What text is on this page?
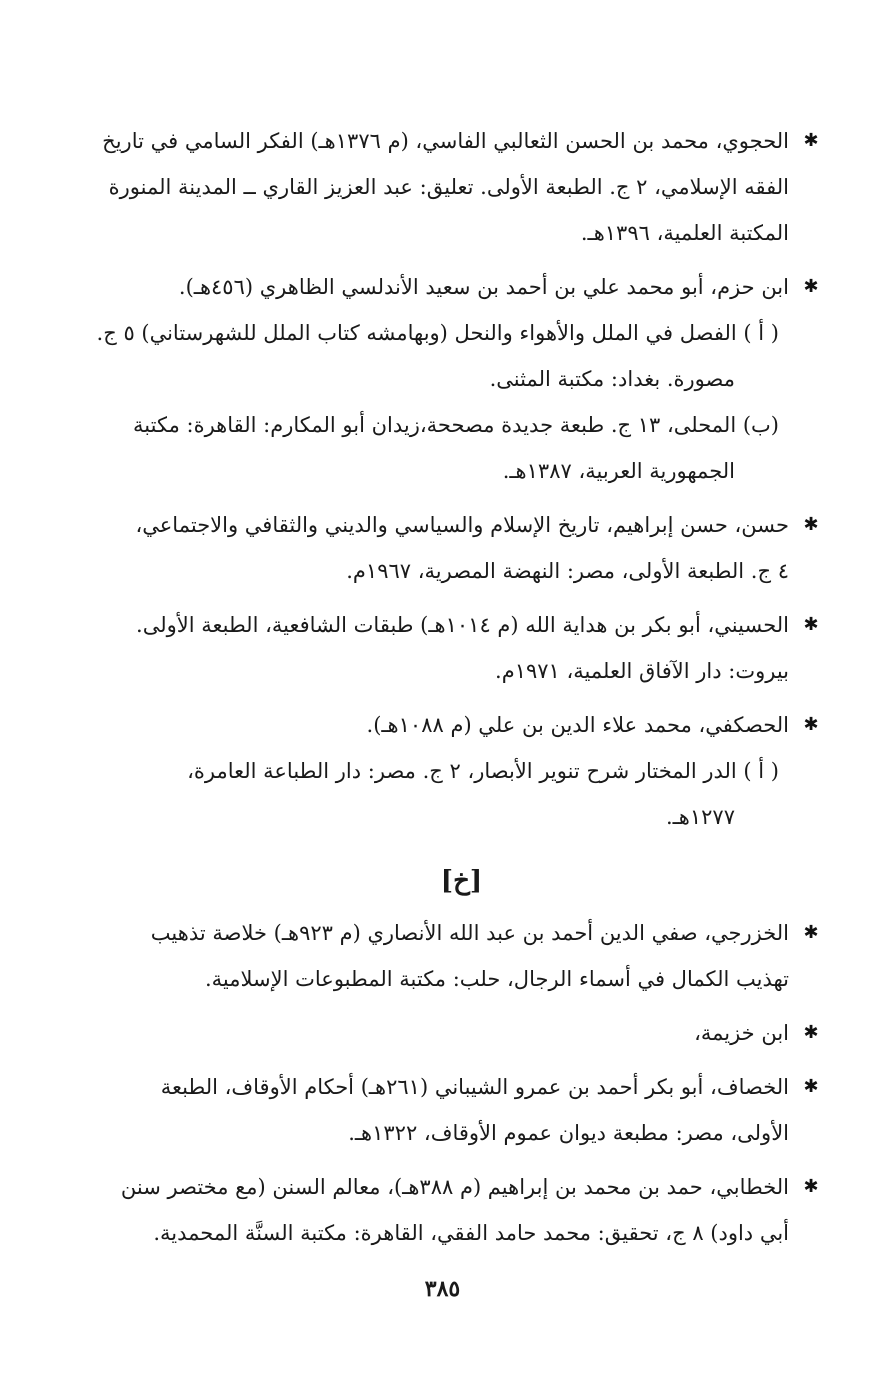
✱
الحجوي، محمد بن الحسن الثعالبي الفاسي، (م ١٣٧٦هـ) الفكر السامي في تاريخ
الفقه الإسلامي، ٢ ج. الطبعة الأولى. تعليق: عبد العزيز القاري ــ المدينة المنورة
المكتبة العلمية، ١٣٩٦هـ.
✱
ابن حزم، أبو محمد علي بن أحمد بن سعيد الأندلسي الظاهري (٤٥٦هـ).
( أ ) الفصل في الملل والأهواء والنحل (وبهامشه كتاب الملل للشهرستاني) ٥ ج.
مصورة. بغداد: مكتبة المثنى.
(ب) المحلى، ١٣ ج. طبعة جديدة مصححة،زيدان أبو المكارم: القاهرة: مكتبة
الجمهورية العربية، ١٣٨٧هـ.
✱
حسن، حسن إبراهيم، تاريخ الإسلام والسياسي والديني والثقافي والاجتماعي،
٤ ج. الطبعة الأولى، مصر: النهضة المصرية، ١٩٦٧م.
✱
الحسيني، أبو بكر بن هداية الله (م ١٠١٤هـ) طبقات الشافعية، الطبعة الأولى.
بيروت: دار الآفاق العلمية، ١٩٧١م.
✱
الحصكفي، محمد علاء الدين بن علي (م ١٠٨٨هـ).
( أ ) الدر المختار شرح تنوير الأبصار، ٢ ج. مصر: دار الطباعة العامرة،
١٢٧٧هـ.
[خ]
✱
الخزرجي، صفي الدين أحمد بن عبد الله الأنصاري (م ٩٢٣هـ) خلاصة تذهيب
تهذيب الكمال في أسماء الرجال، حلب: مكتبة المطبوعات الإسلامية.
✱
ابن خزيمة،
✱
الخصاف، أبو بكر أحمد بن عمرو الشيباني (٢٦١هـ) أحكام الأوقاف، الطبعة
الأولى، مصر: مطبعة ديوان عموم الأوقاف، ١٣٢٢هـ.
✱
الخطابي، حمد بن محمد بن إبراهيم (م ٣٨٨هـ)، معالم السنن (مع مختصر سنن
أبي داود) ٨ ج، تحقيق: محمد حامد الفقي، القاهرة: مكتبة السنَّة المحمدية.
٣٨٥
